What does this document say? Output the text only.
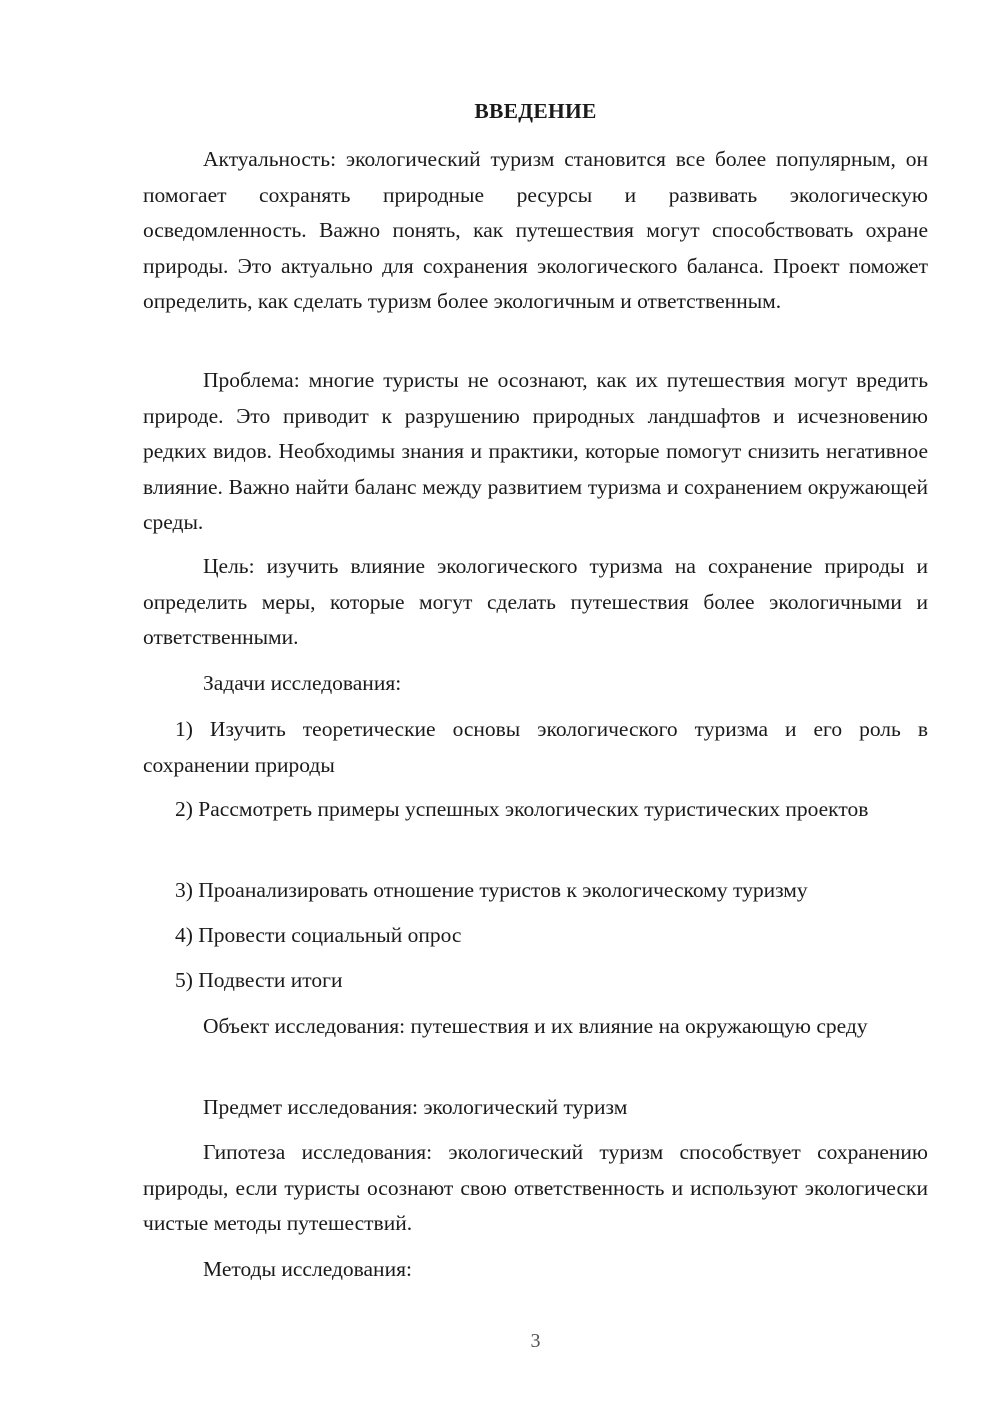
ВВЕДЕНИЕ

Актуальность: экологический туризм становится все более популярным, он помогает сохранять природные ресурсы и развивать экологическую осведомленность. Важно понять, как путешествия могут способствовать охране природы. Это актуально для сохранения экологического баланса. Проект поможет определить, как сделать туризм более экологичным и ответственным.

Проблема: многие туристы не осознают, как их путешествия могут вредить природе. Это приводит к разрушению природных ландшафтов и исчезновению редких видов. Необходимы знания и практики, которые помогут снизить негативное влияние. Важно найти баланс между развитием туризма и сохранением окружающей среды.

Цель: изучить влияние экологического туризма на сохранение природы и определить меры, которые могут сделать путешествия более экологичными и ответственными.

Задачи исследования:

1) Изучить теоретические основы экологического туризма и его роль в сохранении природы

2) Рассмотреть примеры успешных экологических туристических проектов

3) Проанализировать отношение туристов к экологическому туризму

4) Провести социальный опрос

5) Подвести итоги

Объект исследования: путешествия и их влияние на окружающую среду

Предмет исследования: экологический туризм

Гипотеза исследования: экологический туризм способствует сохранению природы, если туристы осознают свою ответственность и используют экологически чистые методы путешествий.

Методы исследования:

3
